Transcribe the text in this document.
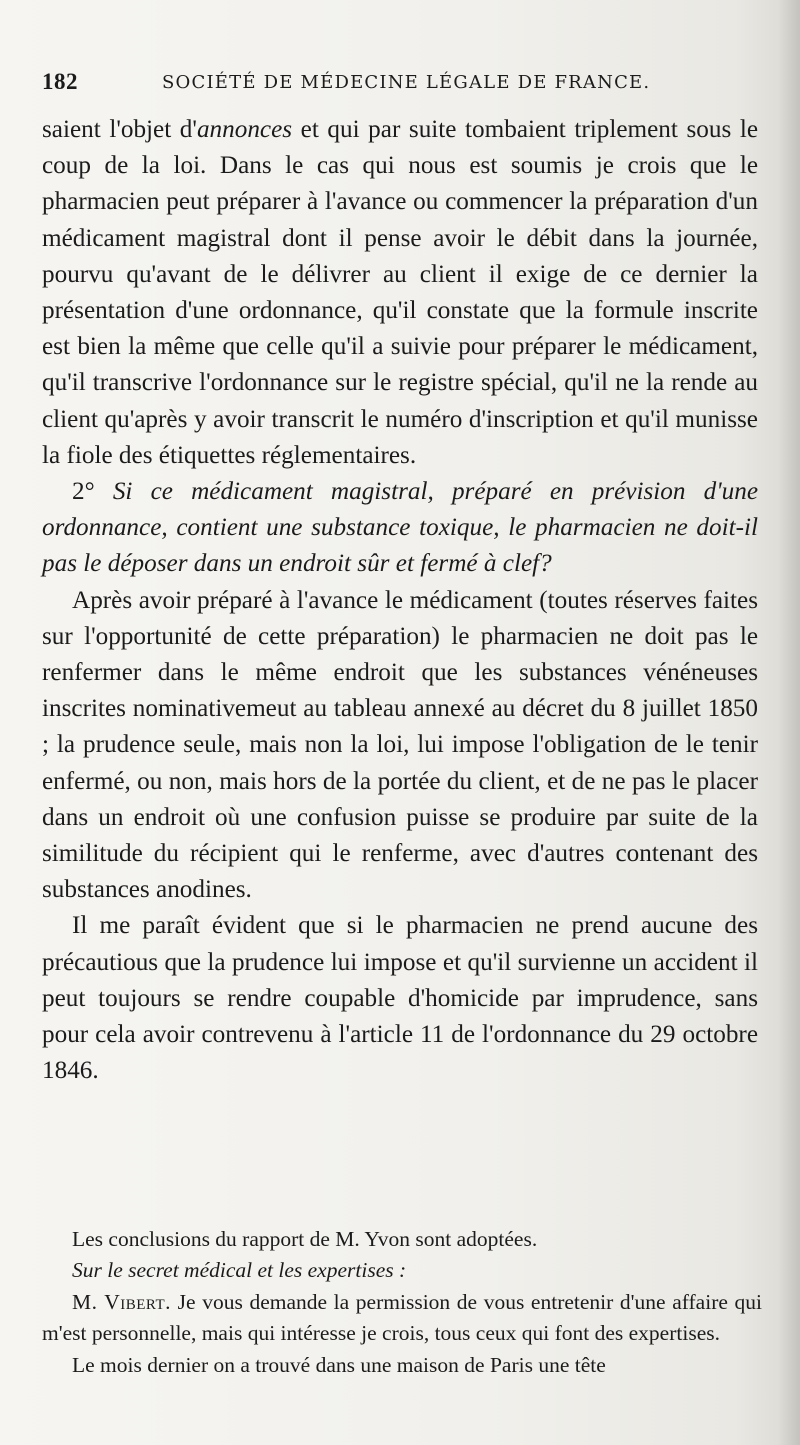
182	SOCIÉTÉ DE MÉDECINE LÉGALE DE FRANCE.

saient l'objet d'annonces et qui par suite tombaient triplement sous le coup de la loi. Dans le cas qui nous est soumis je crois que le pharmacien peut préparer à l'avance ou commencer la préparation d'un médicament magistral dont il pense avoir le débit dans la journée, pourvu qu'avant de le délivrer au client il exige de ce dernier la présentation d'une ordonnance, qu'il constate que la formule inscrite est bien la même que celle qu'il a suivie pour préparer le médicament, qu'il transcrive l'ordonnance sur le registre spécial, qu'il ne la rende au client qu'après y avoir transcrit le numéro d'inscription et qu'il munisse la fiole des étiquettes réglementaires.

2° Si ce médicament magistral, préparé en prévision d'une ordonnance, contient une substance toxique, le pharmacien ne doit-il pas le déposer dans un endroit sûr et fermé à clef?

Après avoir préparé à l'avance le médicament (toutes réserves faites sur l'opportunité de cette préparation) le pharmacien ne doit pas le renfermer dans le même endroit que les substances vénéneuses inscrites nominativemeut au tableau annexé au décret du 8 juillet 1850 ; la prudence seule, mais non la loi, lui impose l'obligation de le tenir enfermé, ou non, mais hors de la portée du client, et de ne pas le placer dans un endroit où une confusion puisse se produire par suite de la similitude du récipient qui le renferme, avec d'autres contenant des substances anodines.

Il me paraît évident que si le pharmacien ne prend aucune des précautious que la prudence lui impose et qu'il survienne un accident il peut toujours se rendre coupable d'homicide par imprudence, sans pour cela avoir contrevenu à l'article 11 de l'ordonnance du 29 octobre 1846.

Les conclusions du rapport de M. Yvon sont adoptées.

Sur le secret médical et les expertises :

M. Vibert. Je vous demande la permission de vous entretenir d'une affaire qui m'est personnelle, mais qui intéresse je crois, tous ceux qui font des expertises.

Le mois dernier on a trouvé dans une maison de Paris une tête
